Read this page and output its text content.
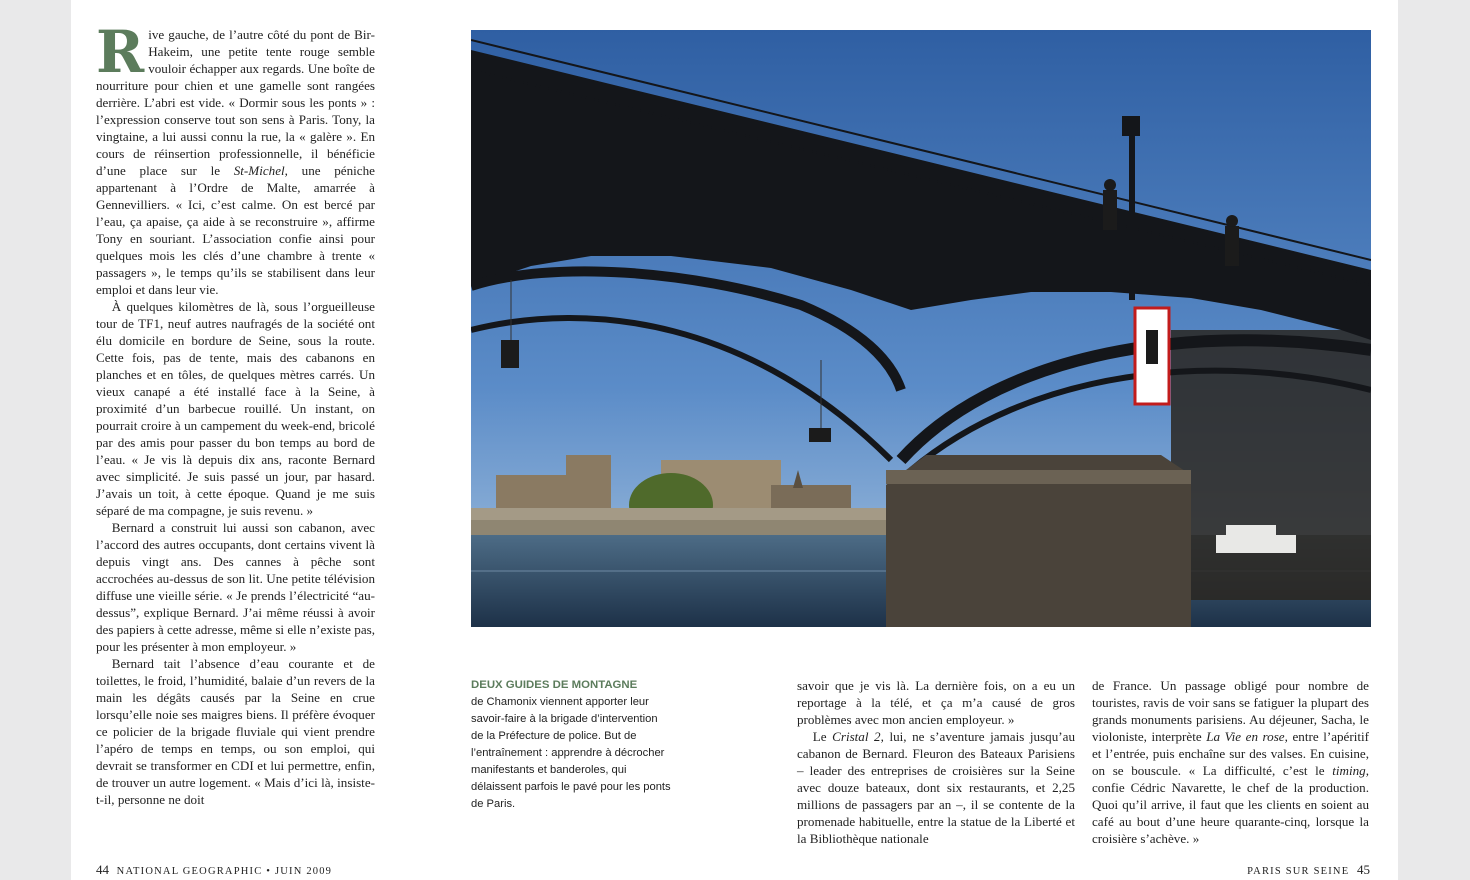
Rive gauche, de l’autre côté du pont de Bir-Hakeim, une petite tente rouge semble vouloir échapper aux regards. Une boîte de nourriture pour chien et une gamelle sont rangées derrière. L’abri est vide. « Dormir sous les ponts » : l’expression conserve tout son sens à Paris. Tony, la vingtaine, a lui aussi connu la rue, la « galère ». En cours de réinsertion professionnelle, il bénéficie d’une place sur le St-Michel, une péniche appartenant à l’Ordre de Malte, amarrée à Gennevilliers. « Ici, c’est calme. On est bercé par l’eau, ça apaise, ça aide à se reconstruire », affirme Tony en souriant. L’association confie ainsi pour quelques mois les clés d’une chambre à trente « passagers », le temps qu’ils se stabilisent dans leur emploi et dans leur vie.

À quelques kilomètres de là, sous l’orgueilleuse tour de TF1, neuf autres naufragés de la société ont élu domicile en bordure de Seine, sous la route. Cette fois, pas de tente, mais des cabanons en planches et en tôles, de quelques mètres carrés. Un vieux canapé a été installé face à la Seine, à proximité d’un barbecue rouillé. Un instant, on pourrait croire à un campement du week-end, bricolé par des amis pour passer du bon temps au bord de l’eau. « Je vis là depuis dix ans, raconte Bernard avec simplicité. Je suis passé un jour, par hasard. J’avais un toit, à cette époque. Quand je me suis séparé de ma compagne, je suis revenu. »

Bernard a construit lui aussi son cabanon, avec l’accord des autres occupants, dont certains vivent là depuis vingt ans. Des cannes à pêche sont accrochées au-dessus de son lit. Une petite télévision diffuse une vieille série. « Je prends l’électricité “au-dessus”, explique Bernard. J’ai même réussi à avoir des papiers à cette adresse, même si elle n’existe pas, pour les présenter à mon employeur. »

Bernard tait l’absence d’eau courante et de toilettes, le froid, l’humidité, balaie d’un revers de la main les dégâts causés par la Seine en crue lorsqu’elle noie ses maigres biens. Il préfère évoquer ce policier de la brigade fluviale qui vient prendre l’apéro de temps en temps, ou son emploi, qui devrait se transformer en CDI et lui permettre, enfin, de trouver un autre logement. « Mais d’ici là, insiste-t-il, personne ne doit

DEUX GUIDES DE MONTAGNE
de Chamonix viennent apporter leur savoir-faire à la brigade d’intervention de la Préfecture de police. But de l’entraînement : apprendre à décrocher manifestants et banderoles, qui délaissent parfois le pavé pour les ponts de Paris.

savoir que je vis là. La dernière fois, on a eu un reportage à la télé, et ça m’a causé de gros problèmes avec mon ancien employeur. »

Le Cristal 2, lui, ne s’aventure jamais jusqu’au cabanon de Bernard. Fleuron des Bateaux Parisiens – leader des entreprises de croisières sur la Seine avec douze bateaux, dont six restaurants, et 2,25 millions de passagers par an –, il se contente de la promenade habituelle, entre la statue de la Liberté et la Bibliothèque nationale

de France. Un passage obligé pour nombre de touristes, ravis de voir sans se fatiguer la plupart des grands monuments parisiens. Au déjeuner, Sacha, le violoniste, interprète La Vie en rose, entre l’apéritif et l’entrée, puis enchaîne sur des valses. En cuisine, on se bouscule. « La difficulté, c’est le timing, confie Cédric Navarette, le chef de la production. Quoi qu’il arrive, il faut que les clients en soient au café au bout d’une heure quarante-cinq, lorsque la croisière s’achève. »

44 NATIONAL GEOGRAPHIC • JUIN 2009	PARIS SUR SEINE 45
